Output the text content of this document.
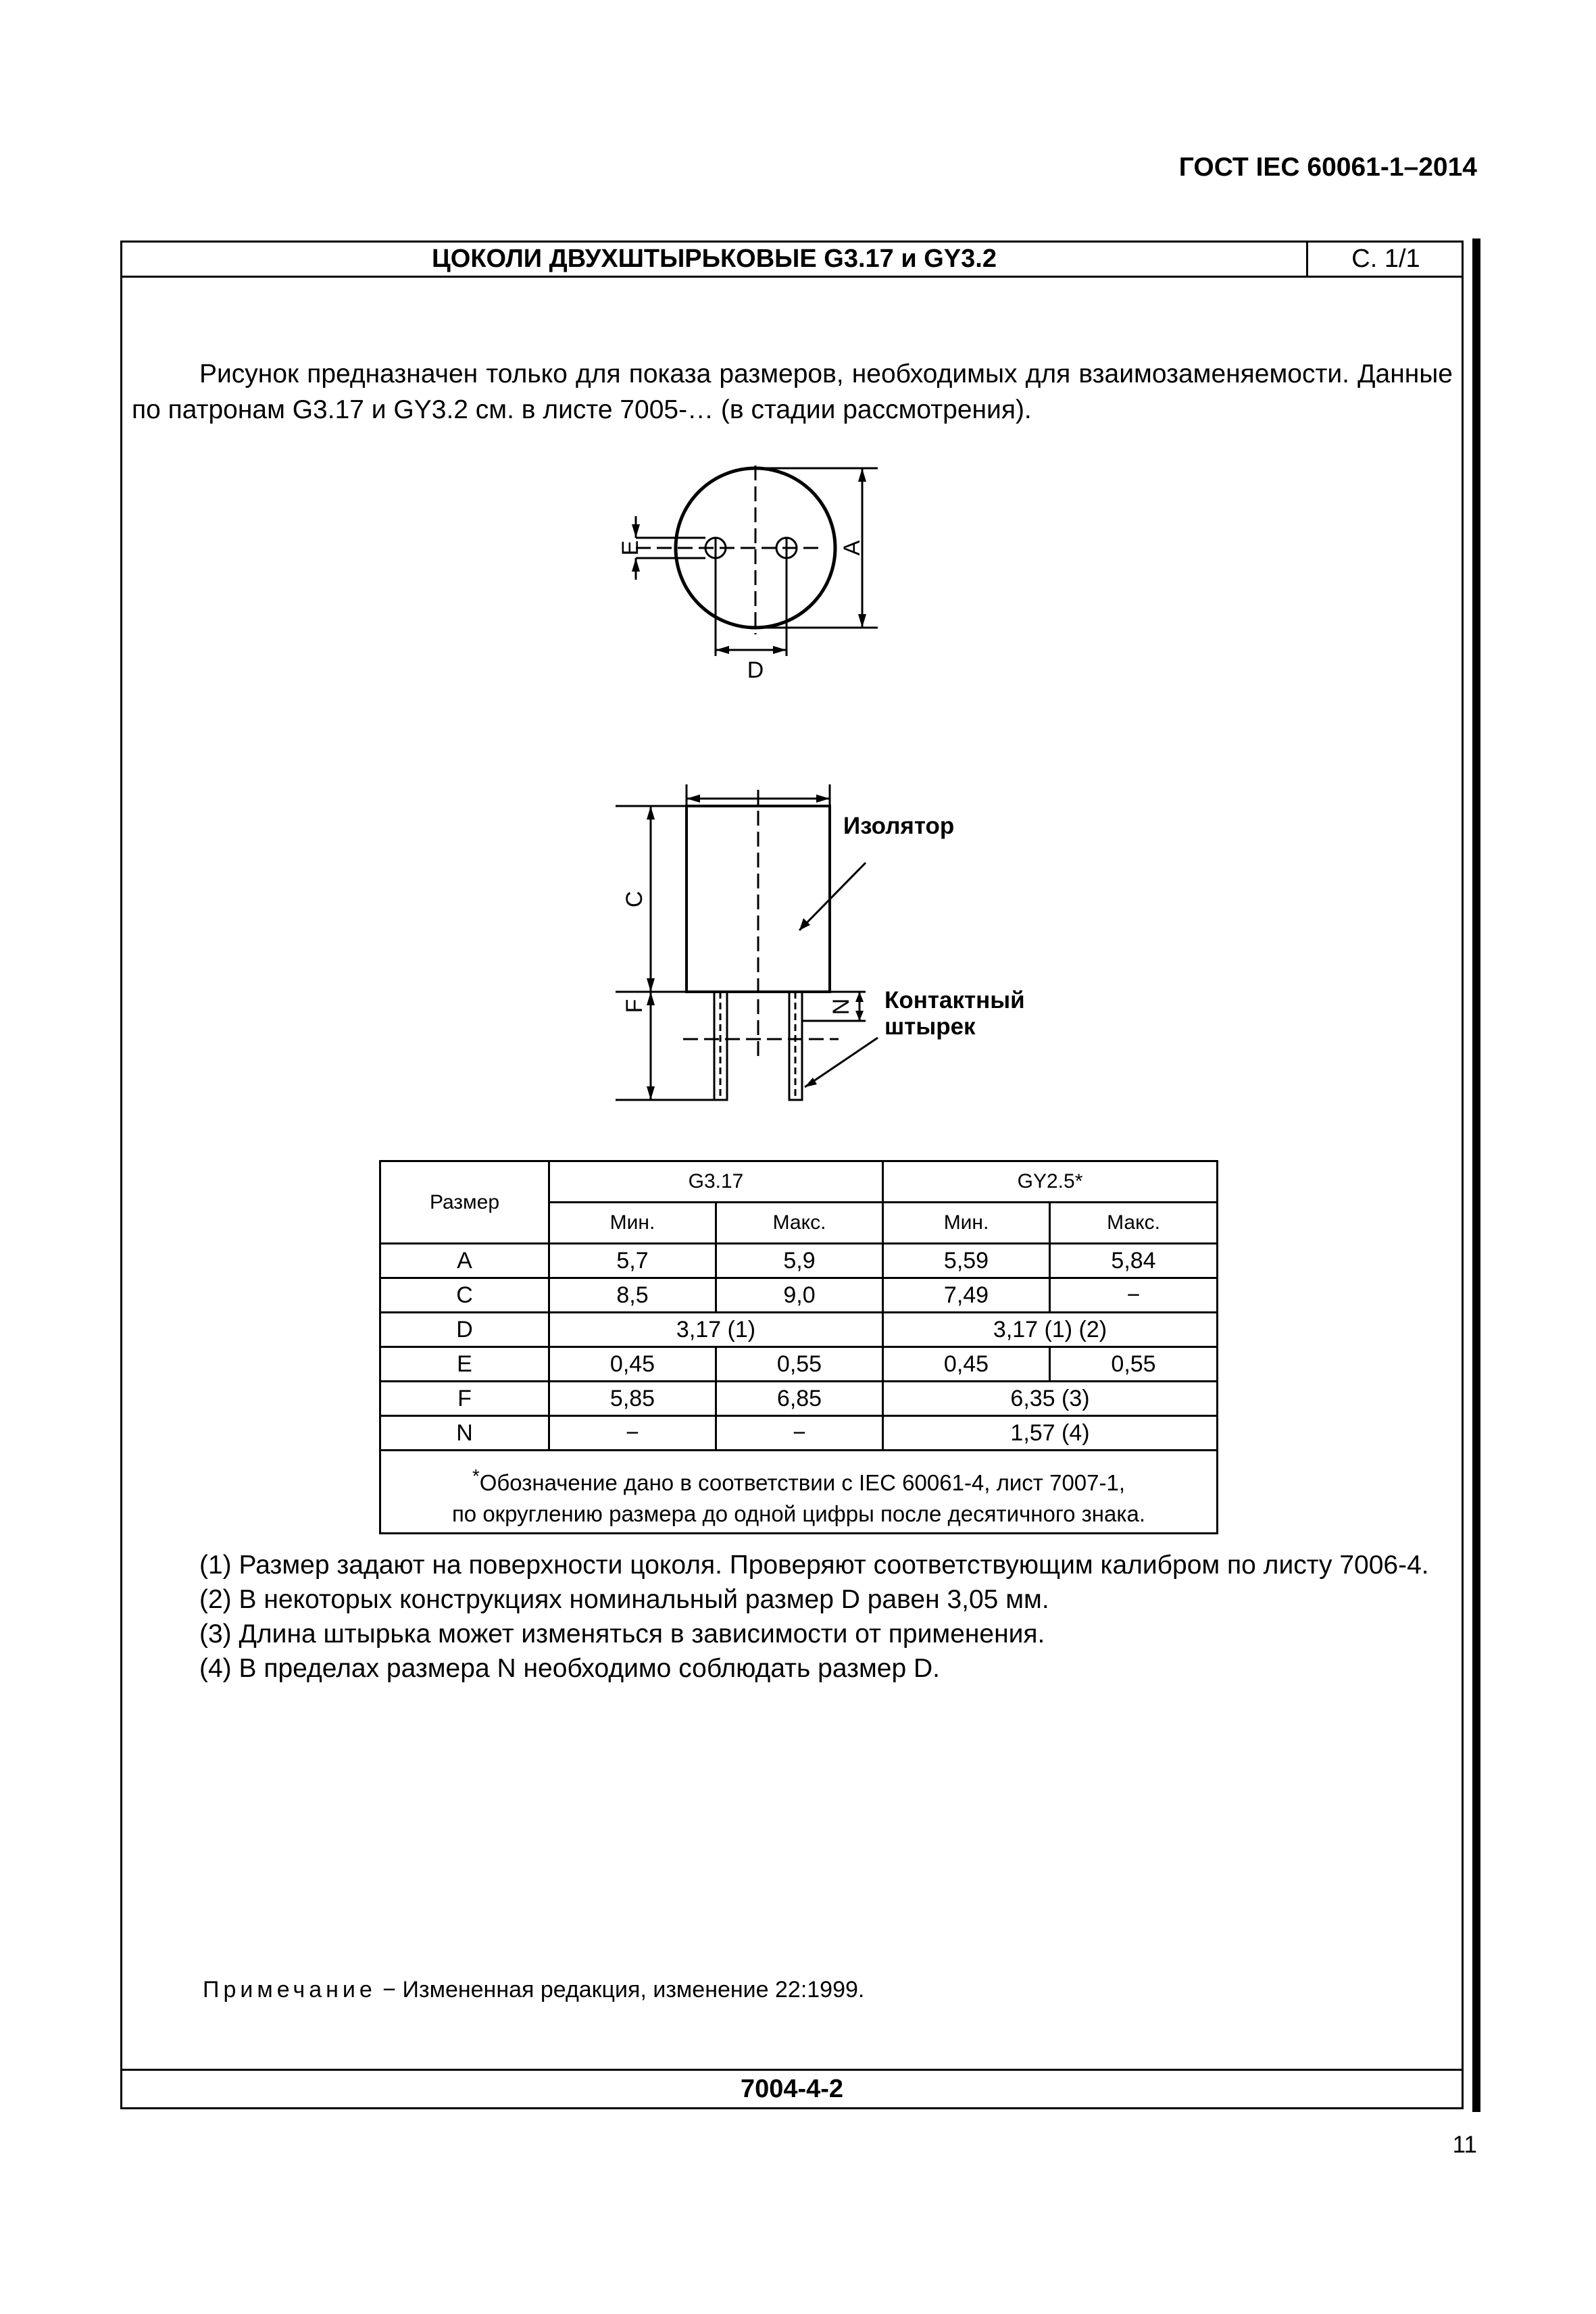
ГОСТ IEC 60061-1–2014
ЦОКОЛИ ДВУХШТЫРЬКОВЫЕ G3.17 и GY3.2	С. 1/1
Рисунок предназначен только для показа размеров, необходимых для взаимозаменяемости. Данные по патронам G3.17 и GY3.2 см. в листе 7005-… (в стадии рассмотрения).
E	A
D
C
F	N
Изолятор
Контактный
штырек
Размер	G3.17		GY2.5*	
	Мин.	Макс.	Мин.	Макс.
A	5,7	5,9	5,59	5,84
C	8,5	9,0	7,49	−
D	3,17 (1)		3,17 (1) (2)	
E	0,45	0,55	0,45	0,55
F	5,85	6,85	6,35 (3)	
N	−	−	1,57 (4)	
*Обозначение дано в соответствии с IEC 60061-4, лист 7007-1,
по округлению размера до одной цифры после десятичного знака.				

(1) Размер задают на поверхности цоколя. Проверяют соответствующим калибром по листу 7006-4.

(2) В некоторых конструкциях номинальный размер D равен 3,05 мм.

(3) Длина штырька может изменяться в зависимости от применения.

(4) В пределах размера N необходимо соблюдать размер D.

Примечание − Измененная редакция, изменение 22:1999.
7004-4-2
11
